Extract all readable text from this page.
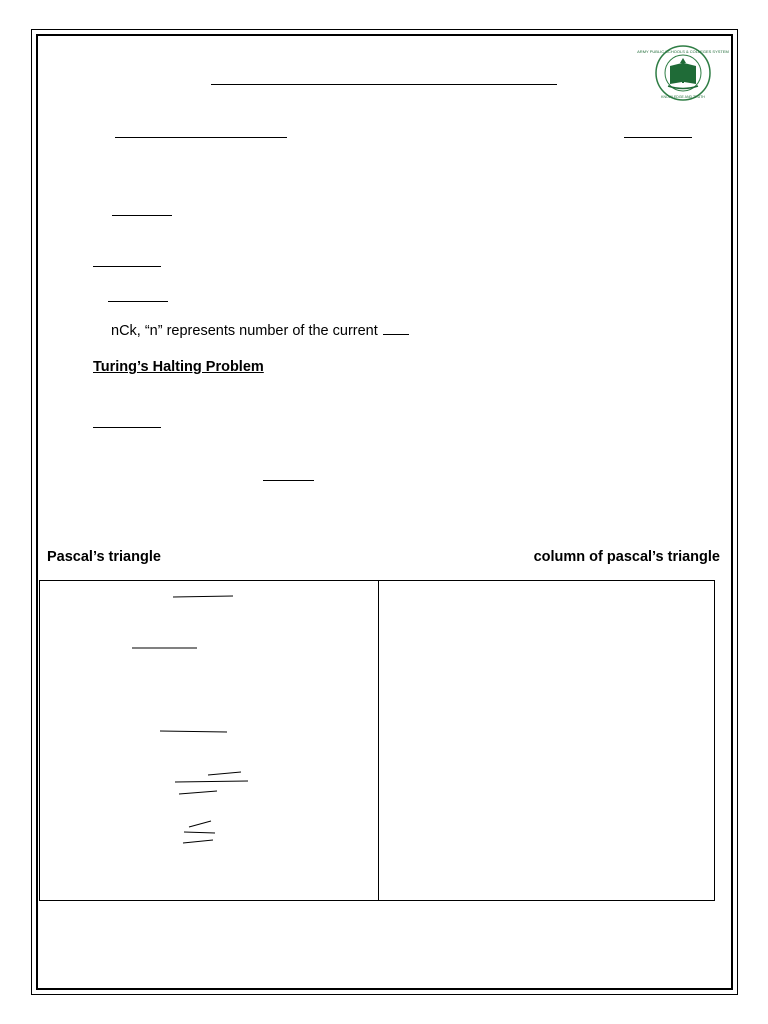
ARMY PUBLIC SCHOOLS & COLLEGES SYSTEM
KNOWLEDGE AND TRUTH
nCk, “n” represents number of the current
Turing’s Halting Problem
Pascal’s triangle	column of pascal’s triangle
